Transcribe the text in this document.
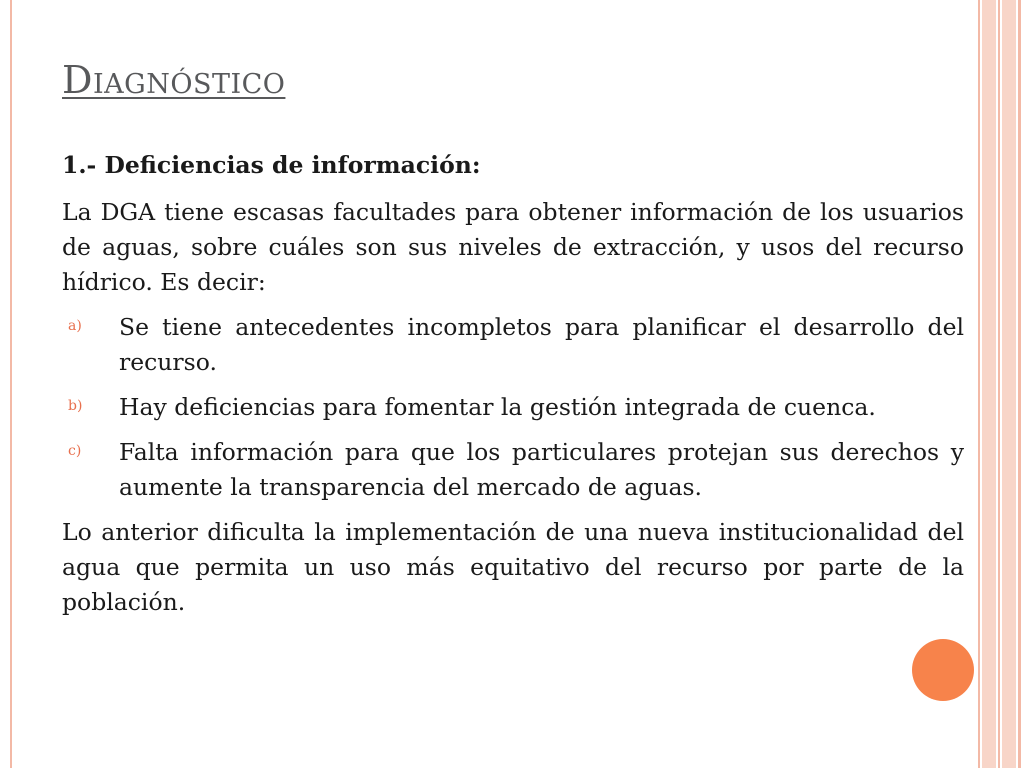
Diagnóstico

1.- Deficiencias de información:

La DGA tiene escasas facultades para obtener información de los usuarios de aguas, sobre cuáles son sus niveles de extracción, y usos del recurso hídrico. Es decir:

a) Se tiene antecedentes incompletos para planificar el desarrollo del recurso.
b) Hay deficiencias para fomentar la gestión integrada de cuenca.
c) Falta información para que los particulares protejan sus derechos y aumente la transparencia del mercado de aguas.

Lo anterior dificulta la implementación de una nueva institucionalidad del agua que permita un uso más equitativo del recurso por parte de la población.
